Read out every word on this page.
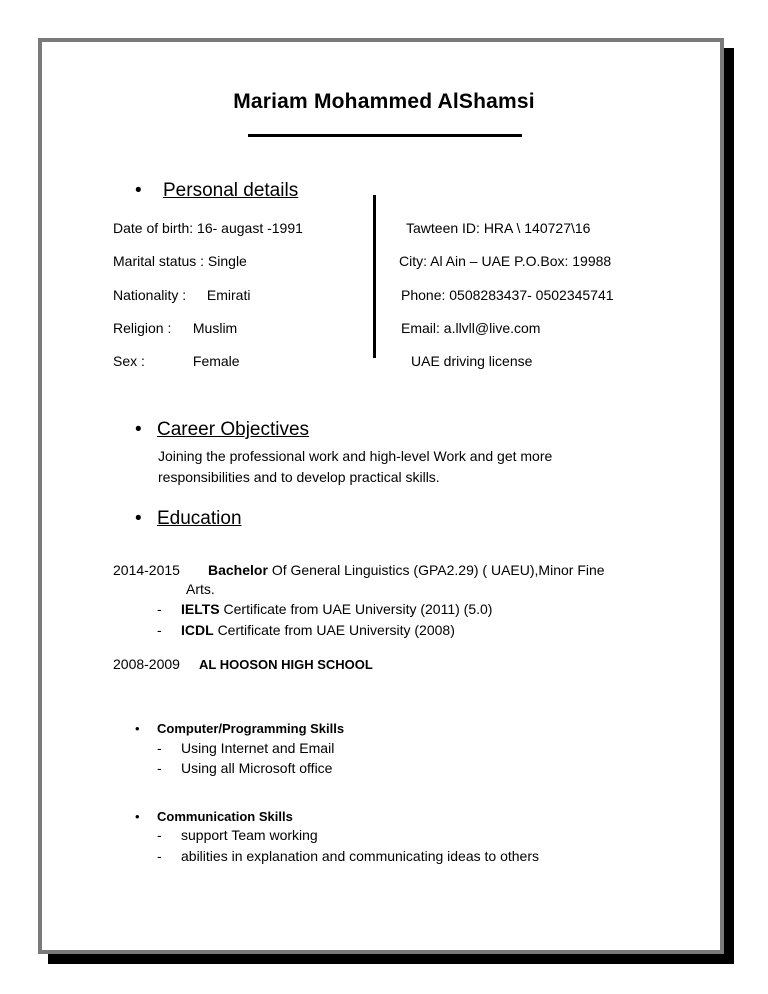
Mariam Mohammed AlShamsi
• Personal details
Date of birth: 16- augast -1991
Marital status : Single
Nationality : Emirati
Religion : Muslim
Sex :	Female
Tawteen ID: HRA \ 140727\16
City: Al Ain – UAE P.O.Box: 19988
Phone: 0508283437- 0502345741
Email: a.llvll@live.com
UAE driving license
• Career Objectives
Joining the professional work and high-level Work and get more responsibilities and to develop practical skills.
• Education
2014-2015 Bachelor Of General Linguistics (GPA2.29) ( UAEU),Minor Fine
Arts.
- IELTS Certificate from UAE University (2011) (5.0)
- ICDL Certificate from UAE University (2008)
2008-2009 AL HOOSON HIGH SCHOOL
• Computer/Programming Skills
- Using Internet and Email
- Using all Microsoft office
• Communication Skills
- support Team working
- abilities in explanation and communicating ideas to others
